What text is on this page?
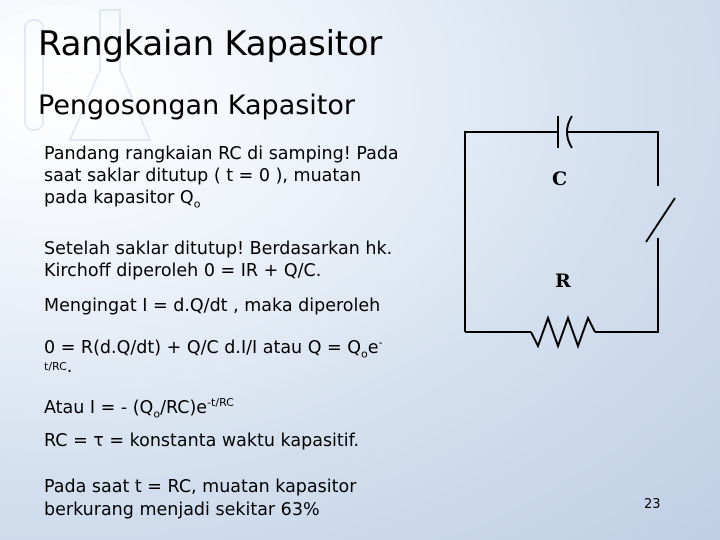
Rangkaian Kapasitor
Pengosongan Kapasitor
Pandang rangkaian RC di samping! Pada
saat saklar ditutup ( t = 0 ), muatan
pada kapasitor $Q_o$
Setelah saklar ditutup! Berdasarkan hk.
Kirchoff diperoleh 0 = IR + Q/C.
Mengingat I = d.Q/dt , maka diperoleh
0 = R(d.Q/dt) + Q/C d.I/I atau $Q = Q_oe^-$
$^{t/RC}$.
Atau I = - $(Q_o/RC)e^{-t/RC}$
RC = τ = konstanta waktu kapasitif.
Pada saat t = RC, muatan kapasitor
berkurang menjadi sekitar 63%
C
R
23
